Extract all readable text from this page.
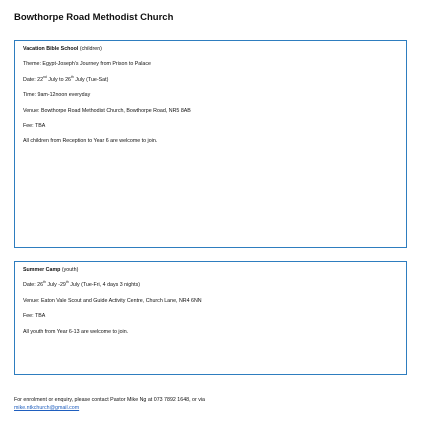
Bowthorpe Road Methodist Church
Vacation Bible School (children)
Theme: Egypt-Joseph’s Journey from Prison to Palace
Date: 22nd July to 26th July (Tue-Sat)
Time: 9am-12noon everyday
Venue: Bowthorpe Road Methodist Church, Bowthorpe Road, NR5 8AB
Fee: TBA
All children from Reception to Year 6 are welcome to join.
Summer Camp (youth)
Date: 26th July -29th July (Tue-Fri, 4 days 3 nights)
Venue: Eaton Vale Scout and Guide Activity Centre, Church Lane, NR4 6NN
Fee: TBA
All youth from Year 6-13 are welcome to join.
For enrolment or enquiry, please contact Pastor Mike Ng at 073 7892 1648, or via
mike.ntkchurch@gmail.com
